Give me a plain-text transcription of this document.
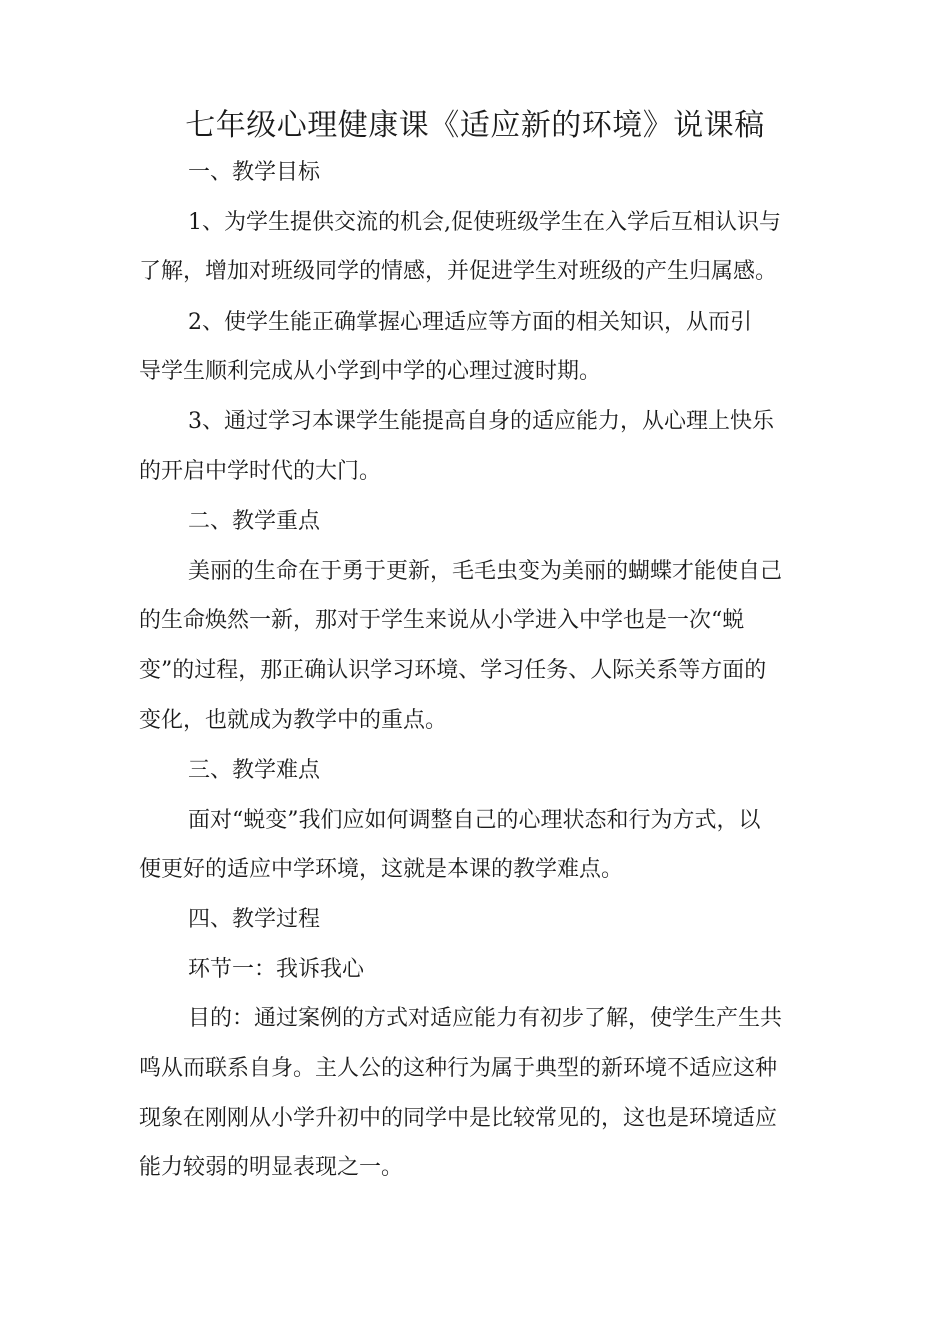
七年级心理健康课《适应新的环境》说课稿

一、教学目标

1、为学生提供交流的机会,促使班级学生在入学后互相认识与

了解，增加对班级同学的情感，并促进学生对班级的产生归属感。

2、使学生能正确掌握心理适应等方面的相关知识，从而引

导学生顺利完成从小学到中学的心理过渡时期。

3、通过学习本课学生能提高自身的适应能力，从心理上快乐

的开启中学时代的大门。

二、教学重点

美丽的生命在于勇于更新，毛毛虫变为美丽的蝴蝶才能使自己

的生命焕然一新，那对于学生来说从小学进入中学也是一次“蜕

变”的过程，那正确认识学习环境、学习任务、人际关系等方面的

变化，也就成为教学中的重点。

三、教学难点

面对“蜕变”我们应如何调整自己的心理状态和行为方式，以

便更好的适应中学环境，这就是本课的教学难点。

四、教学过程

环节一：我诉我心

目的：通过案例的方式对适应能力有初步了解，使学生产生共

鸣从而联系自身。主人公的这种行为属于典型的新环境不适应这种

现象在刚刚从小学升初中的同学中是比较常见的，这也是环境适应

能力较弱的明显表现之一。
